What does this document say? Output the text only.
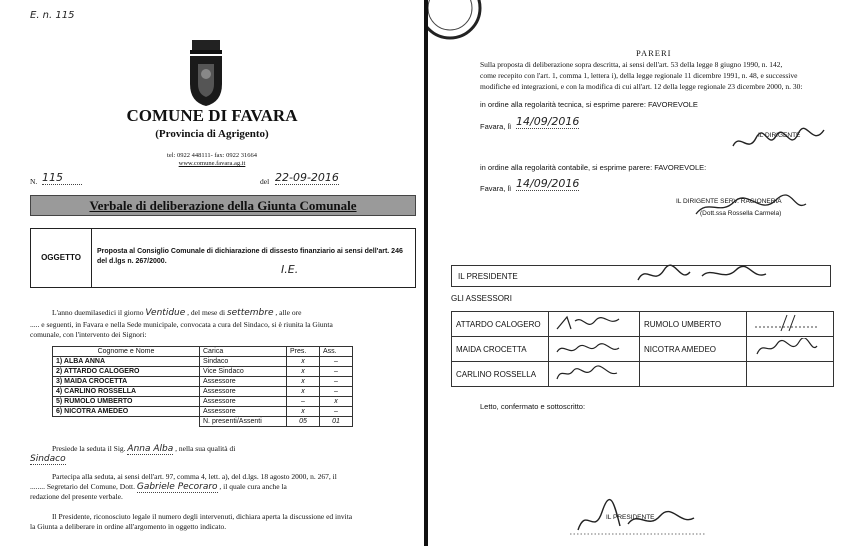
E. n. 115
COMUNE DI FAVARA
(Provincia di Agrigento)
tel: 0922 448111- fax: 0922 31664
www.comune.favara.ag.it
N. 115	del 22-09-2016
Verbale di deliberazione della Giunta Comunale
OGGETTO
Proposta al Consiglio Comunale di dichiarazione di dissesto finanziario ai sensi dell'art. 246 del d.lgs n. 267/2000.
I.E.
L'anno duemilasedici il giorno Ventidue , del mese di settembre , alle ore
..... e seguenti, in Favara e nella Sede municipale, convocata a cura del Sindaco, si è riunita la Giunta
comunale, con l'intervento dei Signori:
Cognome e Nome	Carica	Pres.	Ass.
1) ALBA ANNA	Sindaco	x	–
2) ATTARDO CALOGERO	Vice Sindaco	x	–
3) MAIDA CROCETTA	Assessore	x	–
4) CARLINO ROSSELLA	Assessore	x	–
5) RUMOLO UMBERTO	Assessore	–	x
6) NICOTRA AMEDEO	Assessore	x	–
	N. presenti/Assenti	05	01
Presiede la seduta il Sig. Anna Alba , nella sua qualità di
Sindaco
Partecipa alla seduta, ai sensi dell'art. 97, comma 4, lett. a), del d.lgs. 18 agosto 2000, n. 267, il
........ Segretario del Comune, Dott. Gabriele Pecoraro , il quale cura anche la
redazione del presente verbale.
Il Presidente, riconosciuto legale il numero degli intervenuti, dichiara aperta la discussione ed invita
la Giunta a deliberare in ordine all'argomento in oggetto indicato.
PARERI
Sulla proposta di deliberazione sopra descritta, ai sensi dell'art. 53 della legge 8 giugno 1990, n. 142,
come recepito con l'art. 1, comma 1, lettera i), della legge regionale 11 dicembre 1991, n. 48, e successive
modifiche ed integrazioni, e con la modifica di cui all'art. 12 della legge regionale 23 dicembre 2000, n. 30:
in ordine alla regolarità tecnica, si esprime parere: FAVOREVOLE
Favara, lì 14/09/2016
IL DIRIGENTE
in ordine alla regolarità contabile, si esprime parere: FAVOREVOLE:
Favara, lì 14/09/2016
IL DIRIGENTE SERV. RAGIONERIA
(Dott.ssa Rossella Carmela)
IL PRESIDENTE
GLI ASSESSORI
ATTARDO CALOGERO		RUMOLO UMBERTO	
MAIDA CROCETTA		NICOTRA AMEDEO	
CARLINO ROSSELLA			
Letto, confermato e sottoscritto:
IL PRESIDENTE
